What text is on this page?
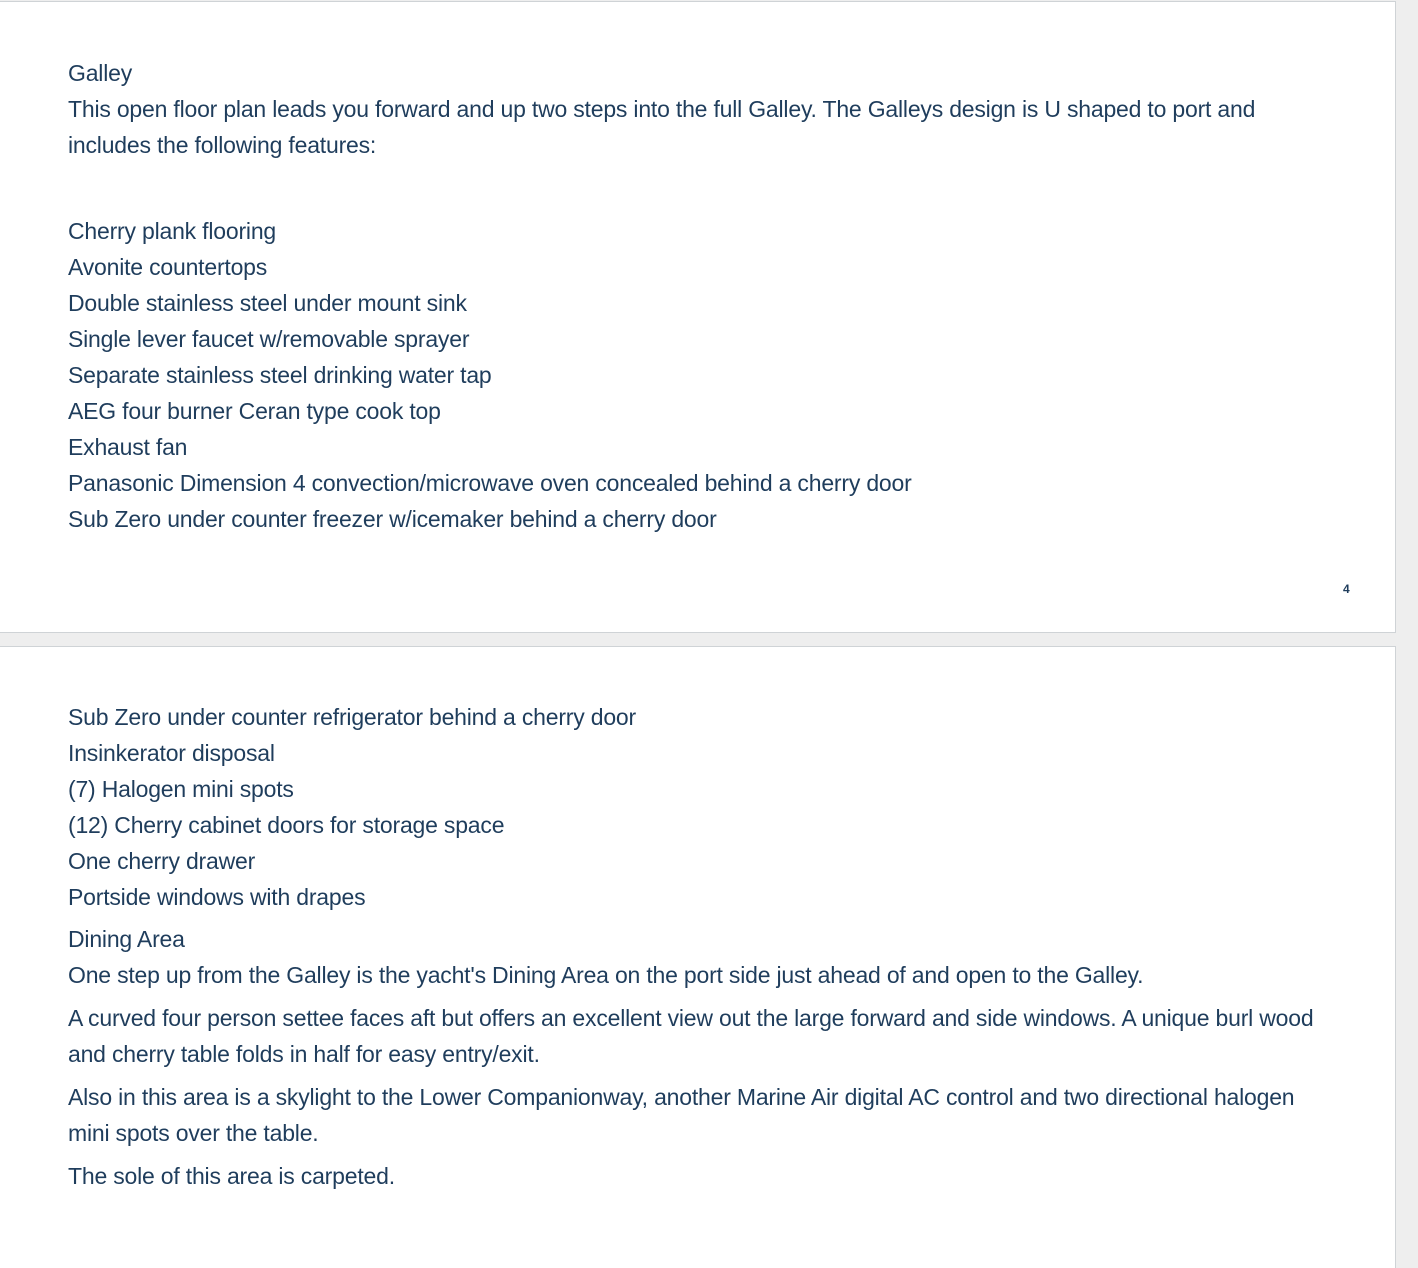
Galley
This open floor plan leads you forward and up two steps into the full Galley. The Galleys design is U shaped to port and includes the following features:
Cherry plank flooring
Avonite countertops
Double stainless steel under mount sink
Single lever faucet w/removable sprayer
Separate stainless steel drinking water tap
AEG four burner Ceran type cook top
Exhaust fan
Panasonic Dimension 4 convection/microwave oven concealed behind a cherry door
Sub Zero under counter freezer w/icemaker behind a cherry door
4
Sub Zero under counter refrigerator behind a cherry door
Insinkerator disposal
(7) Halogen mini spots
(12) Cherry cabinet doors for storage space
One cherry drawer
Portside windows with drapes
Dining Area
One step up from the Galley is the yacht's Dining Area on the port side just ahead of and open to the Galley.
A curved four person settee faces aft but offers an excellent view out the large forward and side windows. A unique burl wood and cherry table folds in half for easy entry/exit.
Also in this area is a skylight to the Lower Companionway, another Marine Air digital AC control and two directional halogen mini spots over the table.
The sole of this area is carpeted.
